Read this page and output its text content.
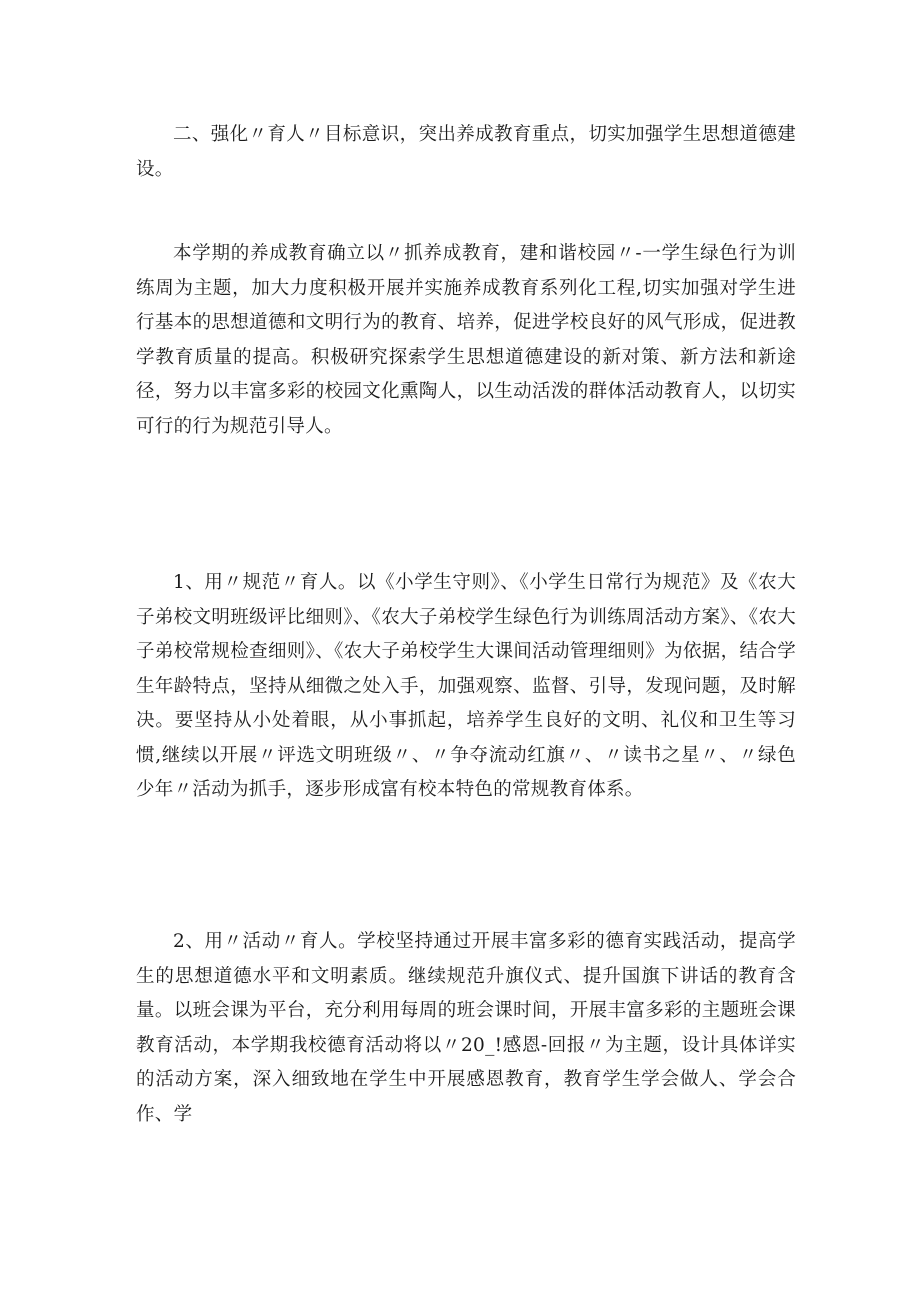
二、强化〃育人〃目标意识，突出养成教育重点，切实加强学生思想道德建设。

本学期的养成教育确立以〃抓养成教育，建和谐校园〃-一学生绿色行为训练周为主题，加大力度积极开展并实施养成教育系列化工程,切实加强对学生进行基本的思想道德和文明行为的教育、培养，促进学校良好的风气形成，促进教学教育质量的提高。积极研究探索学生思想道德建设的新对策、新方法和新途径，努力以丰富多彩的校园文化熏陶人，以生动活泼的群体活动教育人，以切实可行的行为规范引导人。

1、用〃规范〃育人。以《小学生守则》、《小学生日常行为规范》及《农大子弟校文明班级评比细则》、《农大子弟校学生绿色行为训练周活动方案》、《农大子弟校常规检查细则》、《农大子弟校学生大课间活动管理细则》为依据，结合学生年龄特点，坚持从细微之处入手，加强观察、监督、引导，发现问题，及时解决。要坚持从小处着眼，从小事抓起，培养学生良好的文明、礼仪和卫生等习惯,继续以开展〃评选文明班级〃、〃争夺流动红旗〃、〃读书之星〃、〃绿色少年〃活动为抓手，逐步形成富有校本特色的常规教育体系。

2、用〃活动〃育人。学校坚持通过开展丰富多彩的德育实践活动，提高学生的思想道德水平和文明素质。继续规范升旗仪式、提升国旗下讲话的教育含量。以班会课为平台，充分利用每周的班会课时间，开展丰富多彩的主题班会课教育活动，本学期我校德育活动将以〃20_!感恩-回报〃为主题，设计具体详实的活动方案，深入细致地在学生中开展感恩教育，教育学生学会做人、学会合作、学
